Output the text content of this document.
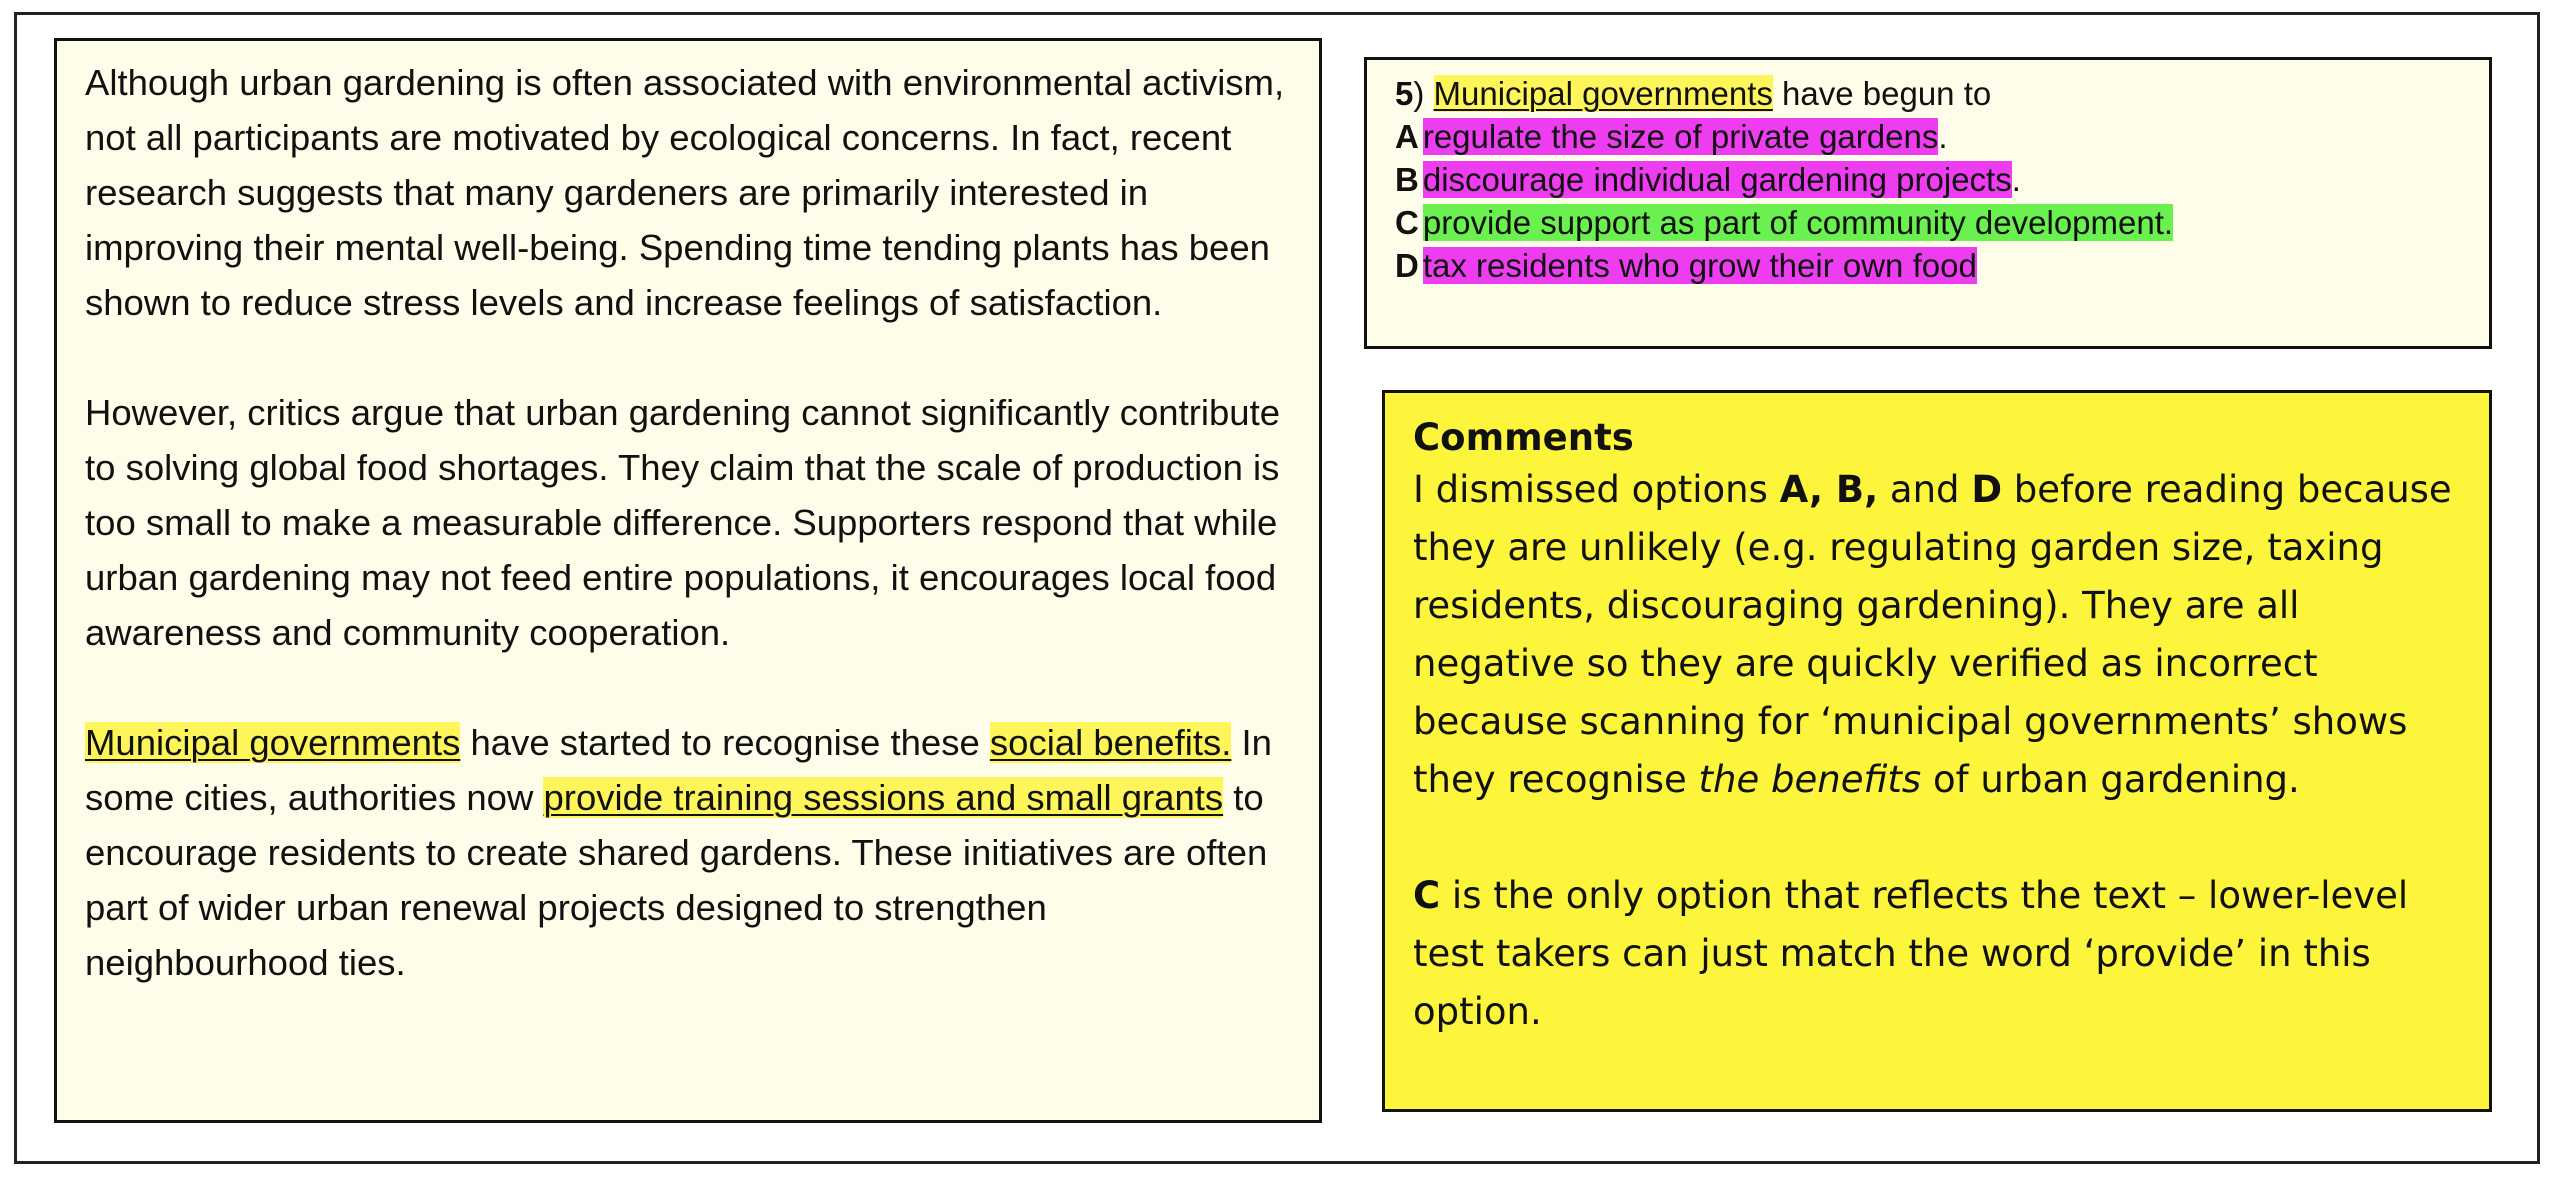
Although urban gardening is often associated with environmental activism, not all participants are motivated by ecological concerns. In fact, recent research suggests that many gardeners are primarily interested in improving their mental well-being. Spending time tending plants has been shown to reduce stress levels and increase feelings of satisfaction.

However, critics argue that urban gardening cannot significantly contribute to solving global food shortages. They claim that the scale of production is too small to make a measurable difference. Supporters respond that while urban gardening may not feed entire populations, it encourages local food awareness and community cooperation.

Municipal governments have started to recognise these social benefits. In some cities, authorities now provide training sessions and small grants to encourage residents to create shared gardens. These initiatives are often part of wider urban renewal projects designed to strengthen neighbourhood ties.

5) Municipal governments have begun to
A regulate the size of private gardens.
B discourage individual gardening projects.
C provide support as part of community development.
D tax residents who grow their own food
Comments

I dismissed options A, B, and D before reading because they are unlikely (e.g. regulating garden size, taxing residents, discouraging gardening). They are all negative so they are quickly verified as incorrect because scanning for ‘municipal governments’ shows they recognise the benefits of urban gardening.

C is the only option that reflects the text – lower-level test takers can just match the word ‘provide’ in this option.
